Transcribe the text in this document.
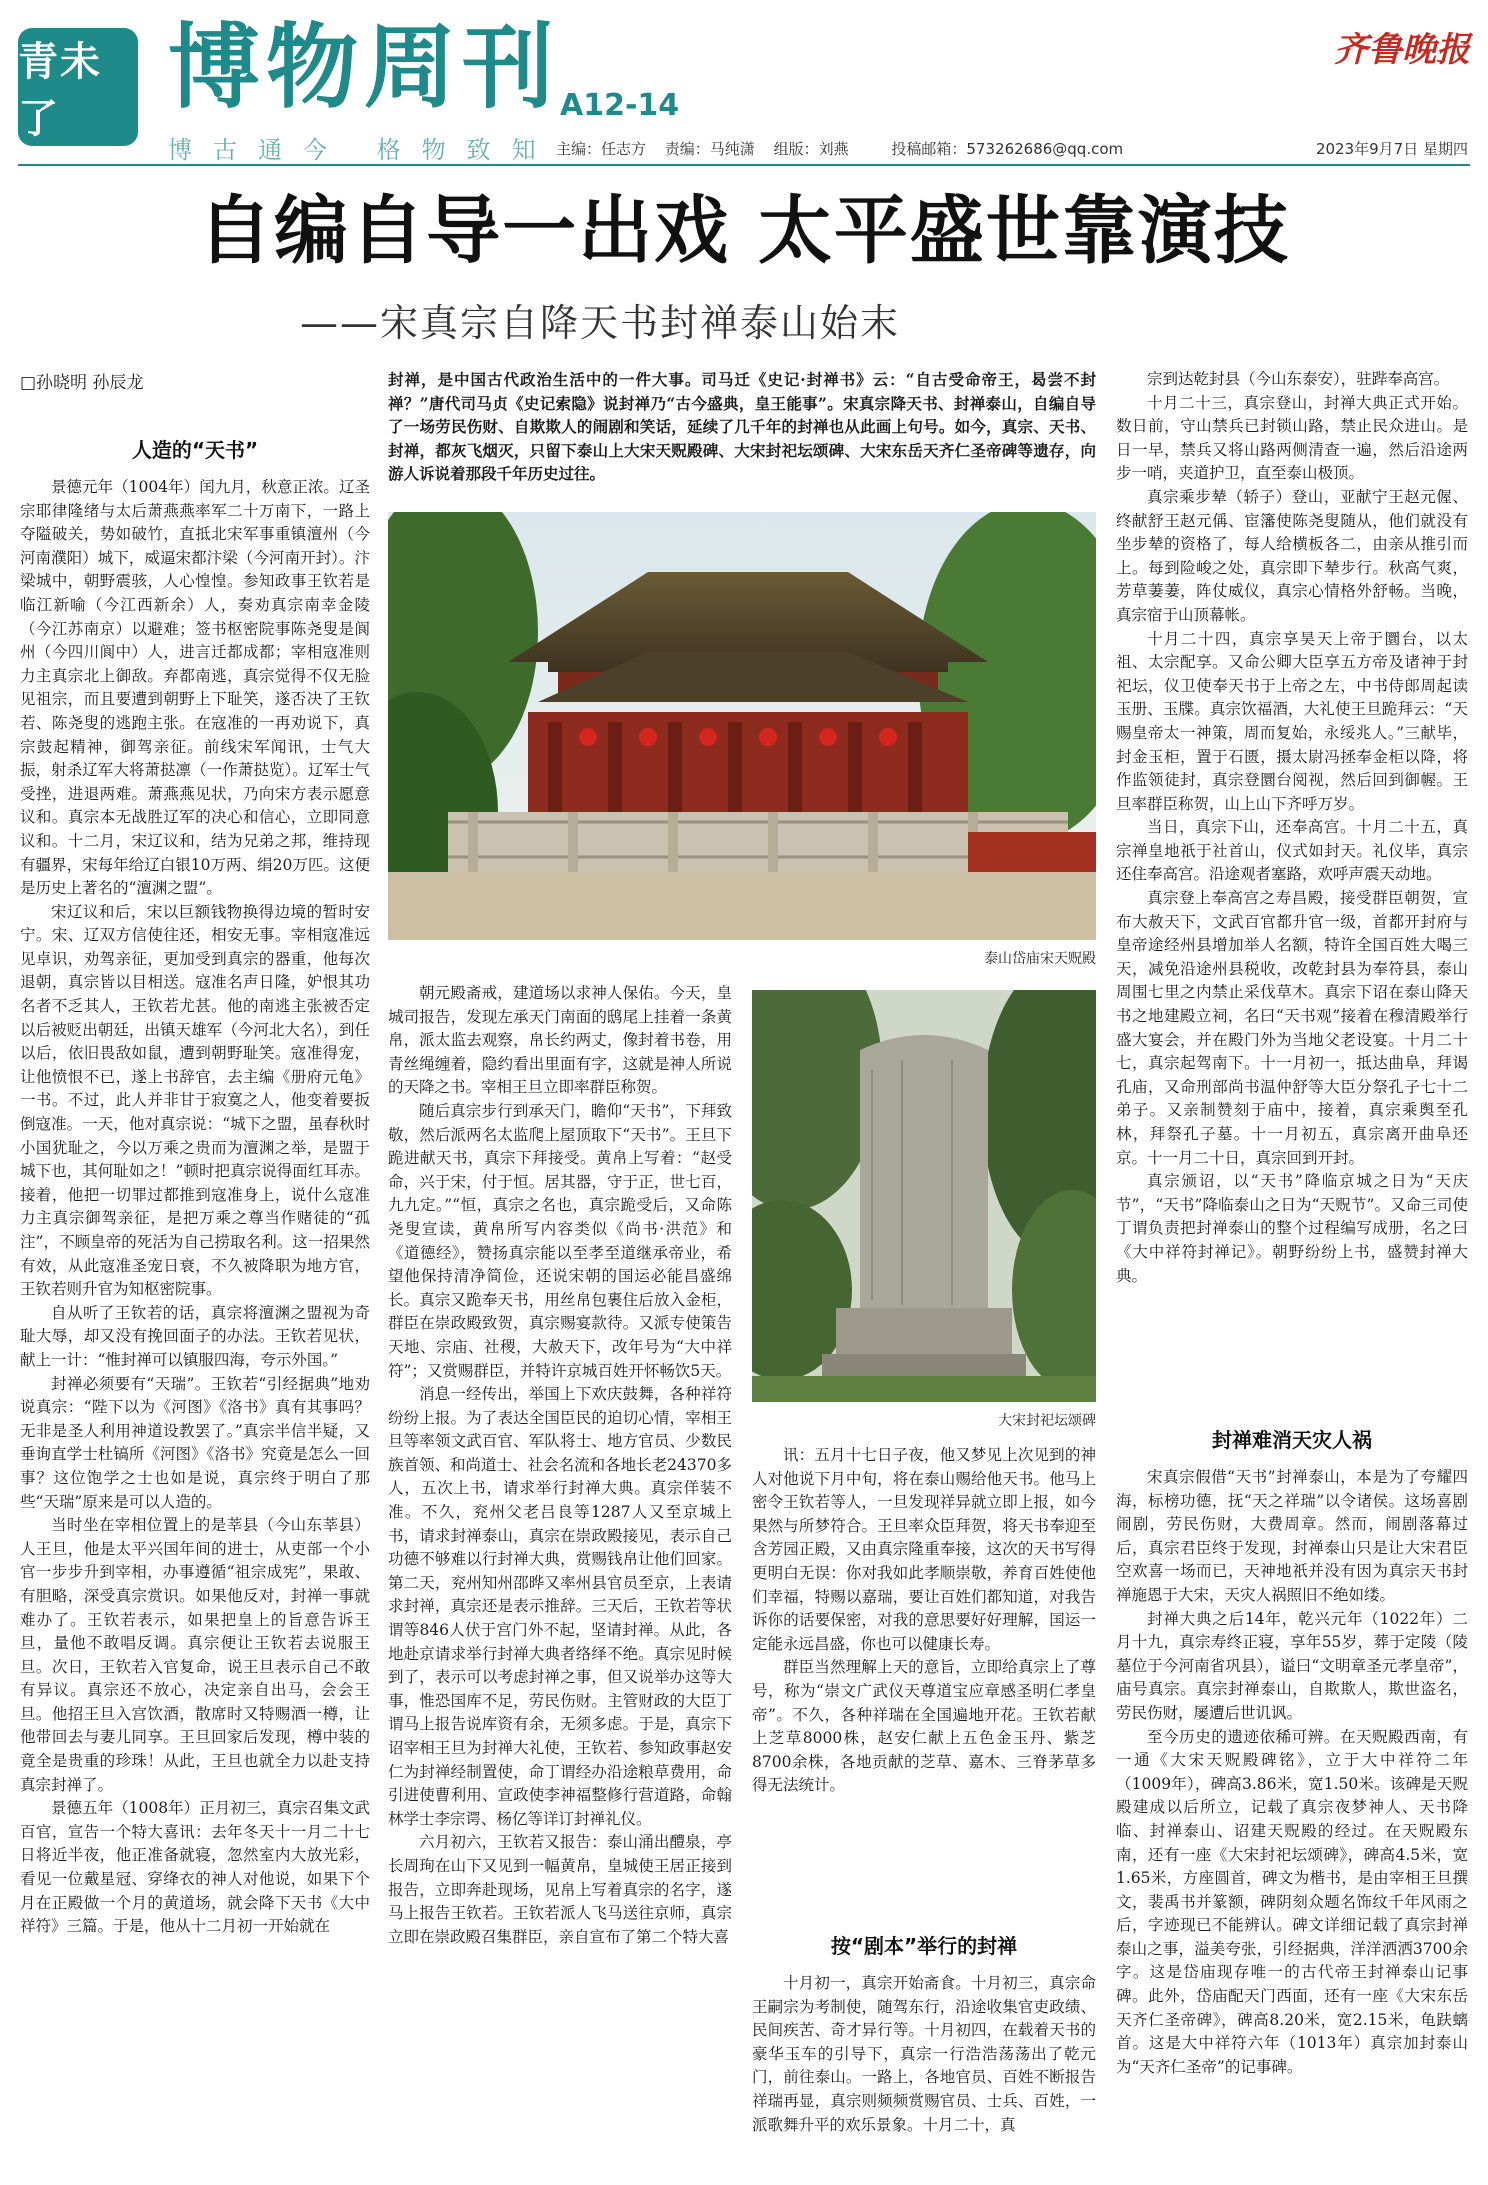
青未了	博物周刊 A12-14
齐鲁晚报
博古通今 格物致知 主编：任志方 责编：马纯潇 组版：刘燕	投稿邮箱：573262686@qq.com	2023年9月7日 星期四
自编自导一出戏 太平盛世靠演技
——宋真宗自降天书封禅泰山始末
□孙晓明 孙辰龙
人造的“天书”

景德元年（1004年）闰九月，秋意正浓。辽圣宗耶律隆绪与太后萧燕燕率军二十万南下，一路上夺隘破关，势如破竹，直抵北宋军事重镇澶州（今河南濮阳）城下，威逼宋都汴梁（今河南开封）。汴梁城中，朝野震骇，人心惶惶。参知政事王钦若是临江新喻（今江西新余）人，奏劝真宗南幸金陵（今江苏南京）以避难；签书枢密院事陈尧叟是阆州（今四川阆中）人，进言迁都成都；宰相寇准则力主真宗北上御敌。弃都南逃，真宗觉得不仅无脸见祖宗，而且要遭到朝野上下耻笑，遂否决了王钦若、陈尧叟的逃跑主张。在寇准的一再劝说下，真宗鼓起精神，御驾亲征。前线宋军闻讯，士气大振，射杀辽军大将萧挞凛（一作萧挞览）。辽军士气受挫，进退两难。萧燕燕见状，乃向宋方表示愿意议和。真宗本无战胜辽军的决心和信心，立即同意议和。十二月，宋辽议和，结为兄弟之邦，维持现有疆界，宋每年给辽白银10万两、绢20万匹。这便是历史上著名的“澶渊之盟”。

宋辽议和后，宋以巨额钱物换得边境的暂时安宁。宋、辽双方信使往还，相安无事。宰相寇准远见卓识，劝驾亲征，更加受到真宗的器重，他每次退朝，真宗皆以目相送。寇准名声日隆，妒恨其功名者不乏其人，王钦若尤甚。他的南逃主张被否定以后被贬出朝廷，出镇天雄军（今河北大名），到任以后，依旧畏敌如鼠，遭到朝野耻笑。寇准得宠，让他愤恨不已，遂上书辞官，去主编《册府元龟》一书。不过，此人并非甘于寂寞之人，他变着要扳倒寇准。一天，他对真宗说：“城下之盟，虽春秋时小国犹耻之，今以万乘之贵而为澶渊之举，是盟于城下也，其何耻如之！”顿时把真宗说得面红耳赤。接着，他把一切罪过都推到寇准身上，说什么寇准力主真宗御驾亲征，是把万乘之尊当作赌徒的“孤注”，不顾皇帝的死活为自己捞取名利。这一招果然有效，从此寇准圣宠日衰，不久被降职为地方官，王钦若则升官为知枢密院事。

自从听了王钦若的话，真宗将澶渊之盟视为奇耻大辱，却又没有挽回面子的办法。王钦若见状，献上一计：“惟封禅可以镇服四海，夸示外国。”

封禅必须要有“天瑞”。王钦若“引经据典”地劝说真宗：“陛下以为《河图》《洛书》真有其事吗？无非是圣人利用神道设教罢了。”真宗半信半疑，又垂询直学士杜镐所《河图》《洛书》究竟是怎么一回事？这位饱学之士也如是说，真宗终于明白了那些“天瑞”原来是可以人造的。

当时坐在宰相位置上的是莘县（今山东莘县）人王旦，他是太平兴国年间的进士，从吏部一个小官一步步升到宰相，办事遵循“祖宗成宪”，果敢、有胆略，深受真宗赏识。如果他反对，封禅一事就难办了。王钦若表示，如果把皇上的旨意告诉王旦，量他不敢唱反调。真宗便让王钦若去说服王旦。次日，王钦若入官复命，说王旦表示自己不敢有异议。真宗还不放心，决定亲自出马，会会王旦。他招王旦入宫饮酒，散席时又特赐酒一樽，让他带回去与妻儿同享。王旦回家后发现，樽中装的竟全是贵重的珍珠！从此，王旦也就全力以赴支持真宗封禅了。

景德五年（1008年）正月初三，真宗召集文武百官，宣告一个特大喜讯：去年冬天十一月二十七日将近半夜，他正准备就寝，忽然室内大放光彩，看见一位戴星冠、穿绛衣的神人对他说，如果下个月在正殿做一个月的黄道场，就会降下天书《大中祥符》三篇。于是，他从十二月初一开始就在

封禅，是中国古代政治生活中的一件大事。司马迁《史记·封禅书》云：“自古受命帝王，曷尝不封禅？”唐代司马贞《史记索隐》说封禅乃“古今盛典，皇王能事”。宋真宗降天书、封禅泰山，自编自导了一场劳民伤财、自欺欺人的闹剧和笑话，延续了几千年的封禅也从此画上句号。如今，真宗、天书、封禅，都灰飞烟灭，只留下泰山上大宋天贶殿碑、大宋封祀坛颂碑、大宋东岳天齐仁圣帝碑等遗存，向游人诉说着那段千年历史过往。
泰山岱庙宋天贶殿

朝元殿斋戒，建道场以求神人保佑。今天，皇城司报告，发现左承天门南面的鸱尾上挂着一条黄帛，派太监去观察，帛长约两丈，像封着书卷，用青丝绳缠着，隐约看出里面有字，这就是神人所说的天降之书。宰相王旦立即率群臣称贺。

随后真宗步行到承天门，瞻仰“天书”，下拜致敬，然后派两名太监爬上屋顶取下“天书”。王旦下跪进献天书，真宗下拜接受。黄帛上写着：“赵受命，兴于宋，付于恒。居其器，守于正，世七百，九九定。”“恒，真宗之名也，真宗跪受后，又命陈尧叟宣读，黄帛所写内容类似《尚书·洪范》和《道德经》，赞扬真宗能以至孝至道继承帝业，希望他保持清净简俭，还说宋朝的国运必能昌盛绵长。真宗又跪奉天书，用丝帛包裹住后放入金柜，群臣在崇政殿致贺，真宗赐宴款待。又派专使策告天地、宗庙、社稷，大赦天下，改年号为“大中祥符”；又赏赐群臣，并特许京城百姓开怀畅饮5天。

消息一经传出，举国上下欢庆鼓舞，各种祥符纷纷上报。为了表达全国臣民的迫切心情，宰相王旦等率领文武百官、军队将士、地方官员、少数民族首领、和尚道士、社会名流和各地长老24370多人，五次上书，请求举行封禅大典。真宗佯装不准。不久，兖州父老吕良等1287人又至京城上书，请求封禅泰山，真宗在崇政殿接见，表示自己功德不够难以行封禅大典，赏赐钱帛让他们回家。第二天，兖州知州邵晔又率州县官员至京，上表请求封禅，真宗还是表示推辞。三天后，王钦若等状谓等846人伏于宫门外不起，坚请封禅。从此，各地赴京请求举行封禅大典者络绎不绝。真宗见时候到了，表示可以考虑封禅之事，但又说举办这等大事，惟恐国库不足，劳民伤财。主管财政的大臣丁谓马上报告说库资有余，无须多虑。于是，真宗下诏宰相王旦为封禅大礼使，王钦若、参知政事赵安仁为封禅经制置使，命丁谓经办沿途粮草费用，命引进使曹利用、宣政使李神福整修行营道路，命翰林学士李宗谔、杨亿等详订封禅礼仪。

六月初六，王钦若又报告：泰山涌出醴泉，亭长周珣在山下又见到一幅黄帛，皇城使王居正接到报告，立即奔赴现场，见帛上写着真宗的名字，遂马上报告王钦若。王钦若派人飞马送往京师，真宗立即在崇政殿召集群臣，亲自宣布了第二个特大喜

大宋封祀坛颂碑

讯：五月十七日子夜，他又梦见上次见到的神人对他说下月中旬，将在泰山赐给他天书。他马上密令王钦若等人，一旦发现祥异就立即上报，如今果然与所梦符合。王旦率众臣拜贺，将天书奉迎至含芳园正殿，又由真宗隆重奉接，这次的天书写得更明白无误：你对我如此孝顺崇敬，养育百姓使他们幸福，特赐以嘉瑞，要让百姓们都知道，对我告诉你的话要保密，对我的意思要好好理解，国运一定能永远昌盛，你也可以健康长寿。

群臣当然理解上天的意旨，立即给真宗上了尊号，称为“崇文广武仪天尊道宝应章感圣明仁孝皇帝”。不久，各种祥瑞在全国遍地开花。王钦若献上芝草8000株，赵安仁献上五色金玉丹、紫芝8700余株，各地贡献的芝草、嘉木、三脊茅草多得无法统计。

按“剧本”举行的封禅

十月初一，真宗开始斋食。十月初三，真宗命王嗣宗为考制使，随驾东行，沿途收集官吏政绩、民间疾苦、奇才异行等。十月初四，在载着天书的豪华玉车的引导下，真宗一行浩浩荡荡出了乾元门，前往泰山。一路上，各地官员、百姓不断报告祥瑞再显，真宗则频频赏赐官员、士兵、百姓，一派歌舞升平的欢乐景象。十月二十，真

宗到达乾封县（今山东泰安），驻跸奉高宫。

十月二十三，真宗登山，封禅大典正式开始。数日前，守山禁兵已封锁山路，禁止民众进山。是日一早，禁兵又将山路两侧清查一遍，然后沿途两步一哨，夹道护卫，直至泰山极顶。

真宗乘步辇（轿子）登山，亚献宁王赵元偓、终献舒王赵元偁、宦籓使陈尧叟随从，他们就没有坐步辇的资格了，每人给横板各二，由亲从推引而上。每到险峻之处，真宗即下辇步行。秋高气爽，芳草萋萋，阵仗威仪，真宗心情格外舒畅。当晚，真宗宿于山顶幕帐。

十月二十四，真宗享昊天上帝于圜台，以太祖、太宗配享。又命公卿大臣享五方帝及诸神于封祀坛，仪卫使奉天书于上帝之左，中书侍郎周起读玉册、玉牒。真宗饮福酒，大礼使王旦跪拜云：“天赐皇帝太一神策，周而复始，永绥兆人。”三献毕，封金玉柜，置于石匮，摄太尉冯拯奉金柜以降，将作监领徒封，真宗登圜台阅视，然后回到御幄。王旦率群臣称贺，山上山下齐呼万岁。

当日，真宗下山，还奉高宫。十月二十五，真宗禅皇地祇于社首山，仪式如封天。礼仪毕，真宗还住奉高宫。沿途观者塞路，欢呼声震天动地。

真宗登上奉高宫之寿昌殿，接受群臣朝贺，宣布大赦天下，文武百官都升官一级，首都开封府与皇帝途经州县增加举人名额，特许全国百姓大喝三天，减免沿途州县税收，改乾封县为奉符县，泰山周围七里之内禁止采伐草木。真宗下诏在泰山降天书之地建殿立祠，名曰“天书观”接着在穆清殿举行盛大宴会，并在殿门外为当地父老设宴。十月二十七，真宗起驾南下。十一月初一，抵达曲阜，拜谒孔庙，又命刑部尚书温仲舒等大臣分祭孔子七十二弟子。又亲制赞刻于庙中，接着，真宗乘舆至孔林，拜祭孔子墓。十一月初五，真宗离开曲阜还京。十一月二十日，真宗回到开封。

真宗颁诏，以“天书”降临京城之日为“天庆节”，“天书”降临泰山之日为“天贶节”。又命三司使丁谓负责把封禅泰山的整个过程编写成册，名之曰《大中祥符封禅记》。朝野纷纷上书，盛赞封禅大典。

封禅难消天灾人祸

宋真宗假借“天书”封禅泰山，本是为了夸耀四海，标榜功德，抚“天之祥瑞”以令诸侯。这场喜剧闹剧，劳民伤财，大费周章。然而，闹剧落幕过后，真宗君臣终于发现，封禅泰山只是让大宋君臣空欢喜一场而已，天神地祇并没有因为真宗天书封禅施恩于大宋，天灾人祸照旧不绝如缕。

封禅大典之后14年，乾兴元年（1022年）二月十九，真宗寿终正寝，享年55岁，葬于定陵（陵墓位于今河南省巩县），谥曰“文明章圣元孝皇帝”，庙号真宗。真宗封禅泰山，自欺欺人，欺世盗名，劳民伤财，屡遭后世讥讽。

至今历史的遗迹依稀可辨。在天贶殿西南，有一通《大宋天贶殿碑铭》，立于大中祥符二年（1009年），碑高3.86米，宽1.50米。该碑是天贶殿建成以后所立，记载了真宗夜梦神人、天书降临、封禅泰山、诏建天贶殿的经过。在天贶殿东南，还有一座《大宋封祀坛颂碑》，碑高4.5米，宽1.65米，方座圆首，碑文为楷书，是由宰相王旦撰文，裴禹书并篆额，碑阴刻众题名饰纹千年风雨之后，字迹现已不能辨认。碑文详细记载了真宗封禅泰山之事，溢美夸张，引经据典，洋洋洒洒3700余字。这是岱庙现存唯一的古代帝王封禅泰山记事碑。此外，岱庙配天门西面，还有一座《大宋东岳天齐仁圣帝碑》，碑高8.20米，宽2.15米，龟趺螭首。这是大中祥符六年（1013年）真宗加封泰山为“天齐仁圣帝”的记事碑。
